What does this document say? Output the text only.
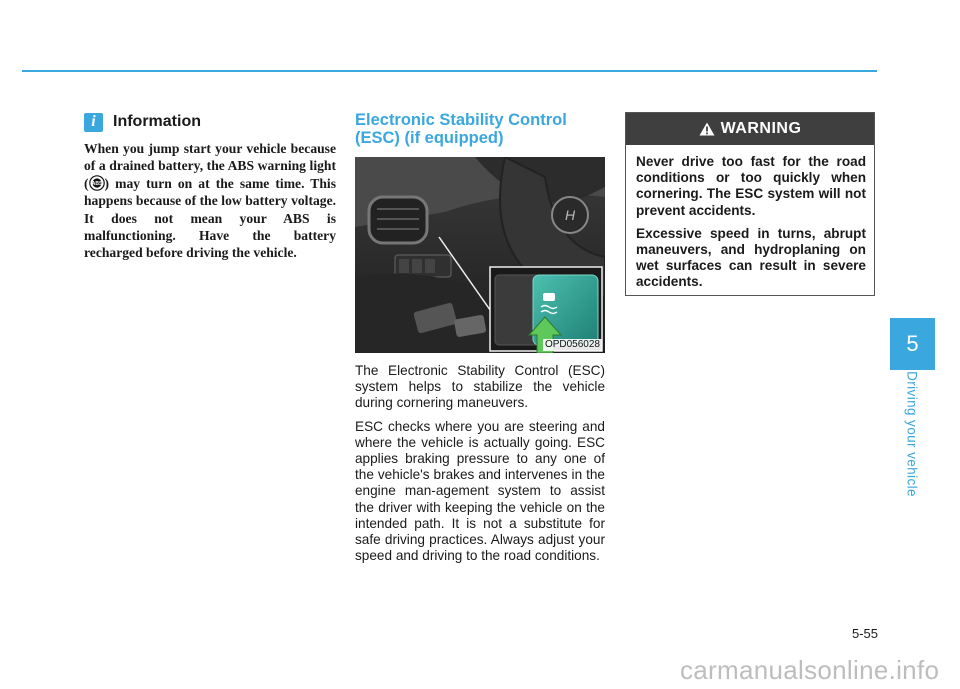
i	Information
When you jump start your vehicle because of a drained battery, the ABS warning light ( ABS ) may turn on at the same time. This happens because of the low battery voltage. It does not mean your ABS is malfunctioning. Have the battery recharged before driving the vehicle.
Electronic Stability Control
(ESC) (if equipped)
H
OPD056028

The Electronic Stability Control (ESC) system helps to stabilize the vehicle during cornering maneuvers.

ESC checks where you are steering and where the vehicle is actually going. ESC applies braking pressure to any one of the vehicle's brakes and intervenes in the engine man-agement system to assist the driver with keeping the vehicle on the intended path. It is not a substitute for safe driving practices. Always adjust your speed and driving to the road conditions.

WARNING

Never drive too fast for the road conditions or too quickly when cornering. The ESC system will not prevent accidents.

Excessive speed in turns, abrupt maneuvers, and hydroplaning on wet surfaces can result in severe accidents.

5
Driving your vehicle
5-55
carmanualsonline.info
